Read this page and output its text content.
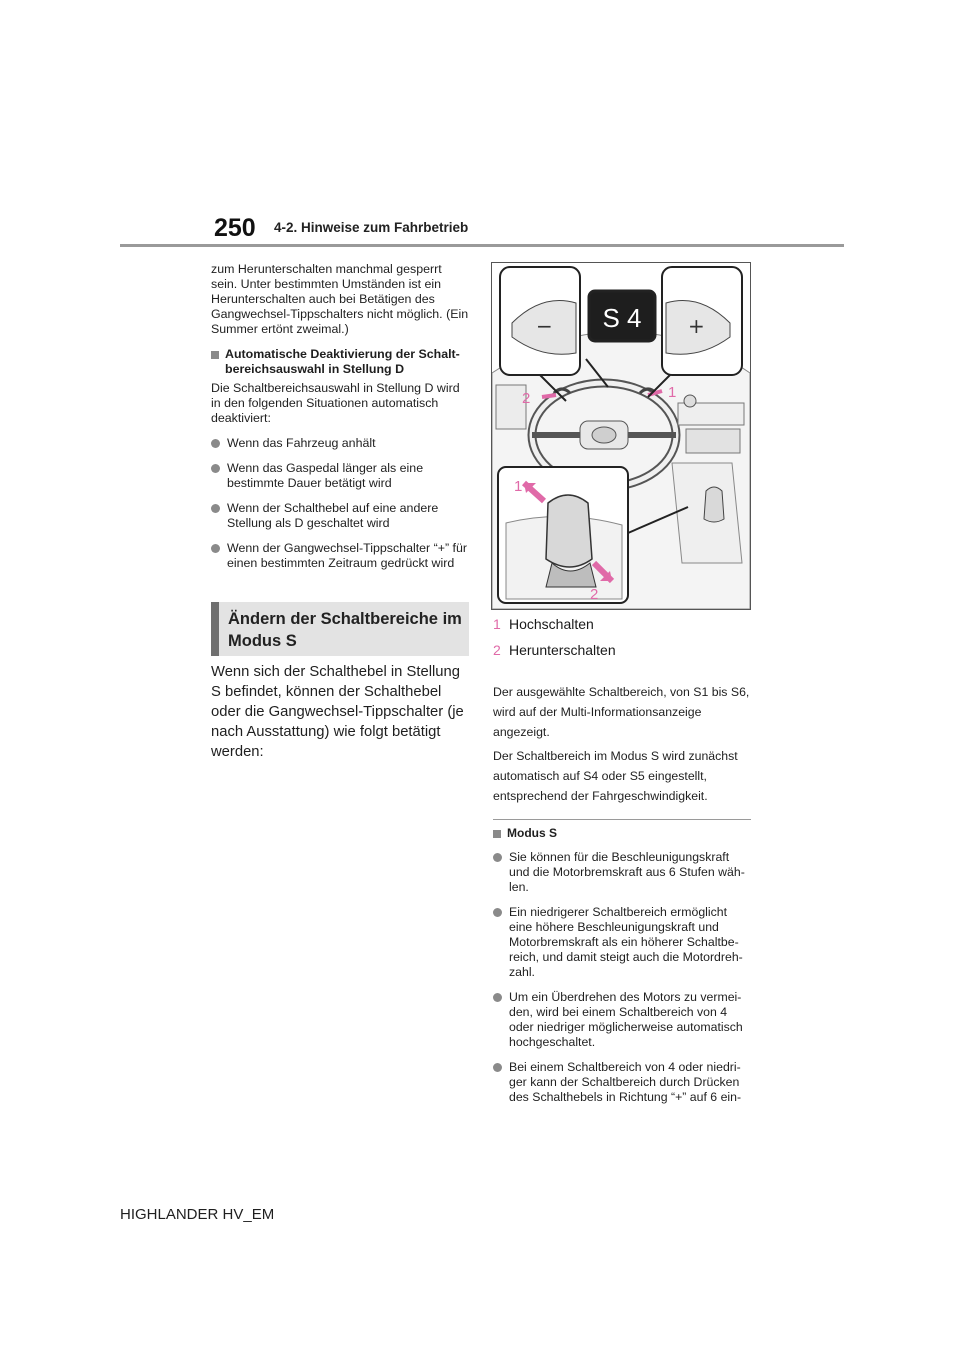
250 4-2. Hinweise zum Fahrbetrieb

zum Herunterschalten manchmal gesperrt sein. Unter bestimmten Umständen ist ein Herunterschalten auch bei Betätigen des Gangwechsel-Tippschalters nicht möglich. (Ein Summer ertönt zweimal.)

Automatische Deaktivierung der Schaltbereichsauswahl in Stellung D

Die Schaltbereichsauswahl in Stellung D wird in den folgenden Situationen automatisch deaktiviert:

Wenn das Fahrzeug anhält
Wenn das Gaspedal länger als eine bestimmte Dauer betätigt wird
Wenn der Schalthebel auf eine andere Stellung als D geschaltet wird
Wenn der Gangwechsel-Tippschalter “+” für einen bestimmten Zeitraum gedrückt wird
Ändern der Schaltbereiche im Modus S

Wenn sich der Schalthebel in Stellung S befindet, können der Schalthebel oder die Gangwechsel-Tippschalter (je nach Ausstattung) wie folgt betätigt werden:

2	1
−	+
S 4
1
2
1 Hochschalten
2 Herunterschalten

Der ausgewählte Schaltbereich, von S1 bis S6, wird auf der Multi-Informationsanzeige angezeigt.

Der Schaltbereich im Modus S wird zunächst automatisch auf S4 oder S5 eingestellt, entsprechend der Fahrgeschwindigkeit.

Modus S
Sie können für die Beschleunigungskraft und die Motorbremskraft aus 6 Stufen wählen.
Ein niedrigerer Schaltbereich ermöglicht eine höhere Beschleunigungskraft und Motorbremskraft als ein höherer Schaltbereich, und damit steigt auch die Motordrehzahl.
Um ein Überdrehen des Motors zu vermeiden, wird bei einem Schaltbereich von 4 oder niedriger möglicherweise automatisch hochgeschaltet.
Bei einem Schaltbereich von 4 oder niedriger kann der Schaltbereich durch Drücken des Schalthebels in Richtung “+” auf 6 ein-
HIGHLANDER HV_EM
